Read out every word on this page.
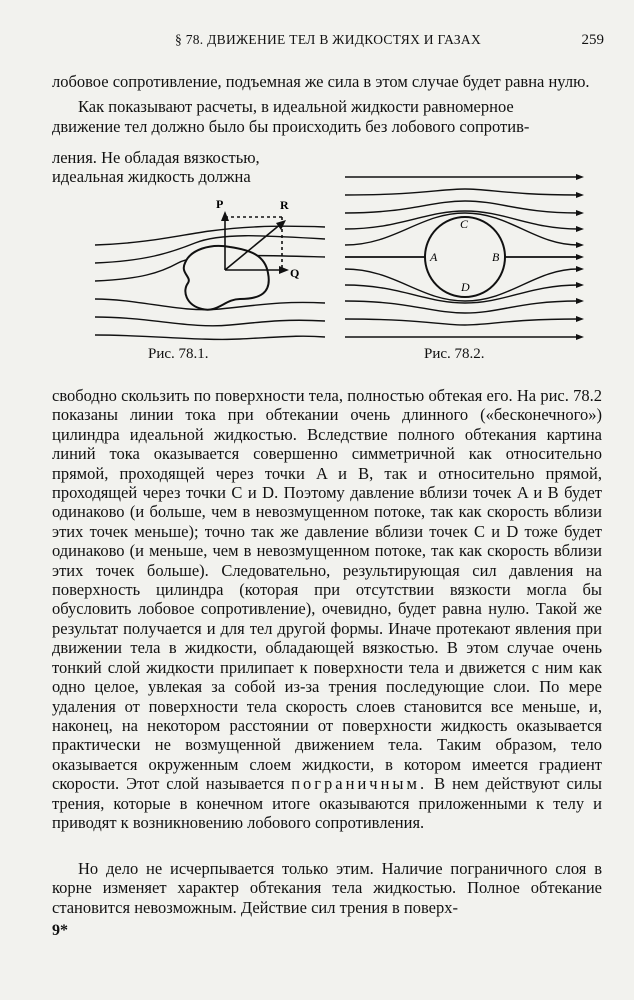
§ 78. ДВИЖЕНИЕ ТЕЛ В ЖИДКОСТЯХ И ГАЗАХ	259

лобовое сопротивление, подъемная же сила в этом случае будет равна нулю.

Как показывают расчеты, в идеальной жидкости равномерное

движение тел должно было бы происходить без лобового сопротив-

ления. Не обладая вязкостью,
идеальная жидкость должна
P	R
Q
A	B
C
D
Рис. 78.1.	Рис. 78.2.

свободно скользить по поверхности тела, полностью обтекая его. На рис. 78.2 показаны линии тока при обтекании очень длинного («бесконечного») цилиндра идеальной жидкостью. Вследствие полного обтекания картина линий тока оказывается совершенно симметричной как относительно прямой, проходящей через точки A и B, так и относительно прямой, проходящей через точки C и D. Поэтому давление вблизи точек A и B будет одинаково (и больше, чем в невозмущенном потоке, так как скорость вблизи этих точек меньше); точно так же давление вблизи точек C и D тоже будет одинаково (и меньше, чем в невозмущенном потоке, так как скорость вблизи этих точек больше). Следовательно, результирующая сил давления на поверхность цилиндра (которая при отсутствии вязкости могла бы обусловить лобовое сопротивление), очевидно, будет равна нулю. Такой же результат получается и для тел другой формы. Иначе протекают явления при движении тела в жидкости, обладающей вязкостью. В этом случае очень тонкий слой жидкости прилипает к поверхности тела и движется с ним как одно целое, увлекая за собой из-за трения последующие слои. По мере удаления от поверхности тела скорость слоев становится все меньше, и, наконец, на некотором расстоянии от поверхности жидкость оказывается практически не возмущенной движением тела. Таким образом, тело оказывается окруженным слоем жидкости, в котором имеется градиент скорости. Этот слой называется пограничным. В нем действуют силы трения, которые в конечном итоге оказываются приложенными к телу и приводят к возникновению лобового сопротивления.

Но дело не исчерпывается только этим. Наличие пограничного слоя в корне изменяет характер обтекания тела жидкостью. Полное обтекание становится невозможным. Действие сил трения в поверх-

9*
